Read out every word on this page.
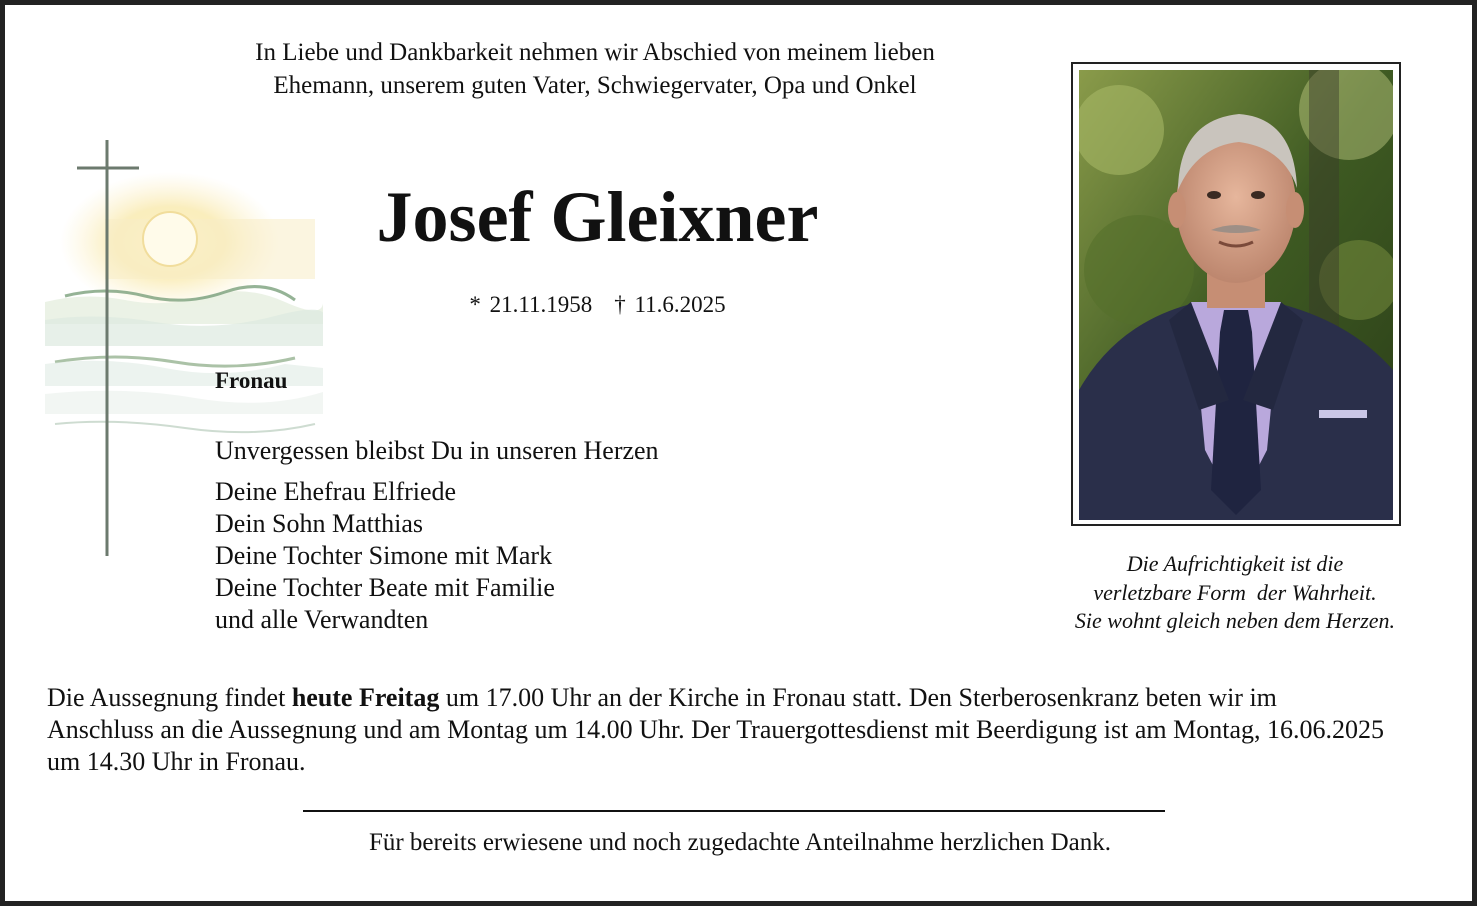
In Liebe und Dankbarkeit nehmen wir Abschied von meinem lieben
Ehemann, unserem guten Vater, Schwiegervater, Opa und Onkel
Josef Gleixner
* 21.11.1958 † 11.6.2025
Fronau
Unvergessen bleibst Du in unseren Herzen
Deine Ehefrau Elfriede
Dein Sohn Matthias
Deine Tochter Simone mit Mark
Deine Tochter Beate mit Familie
und alle Verwandten
Die Aufrichtigkeit ist die
verletzbare Form  der Wahrheit.
Sie wohnt gleich neben dem Herzen.
Die Aussegnung findet heute Freitag um 17.00 Uhr an der Kirche in Fronau statt. Den Sterberosenkranz beten wir im Anschluss an die Aussegnung und am Montag um 14.00 Uhr. Der Trauergottesdienst mit Beerdigung ist am Montag, 16.06.2025 um 14.30 Uhr in Fronau.
Für bereits erwiesene und noch zugedachte Anteilnahme herzlichen Dank.
